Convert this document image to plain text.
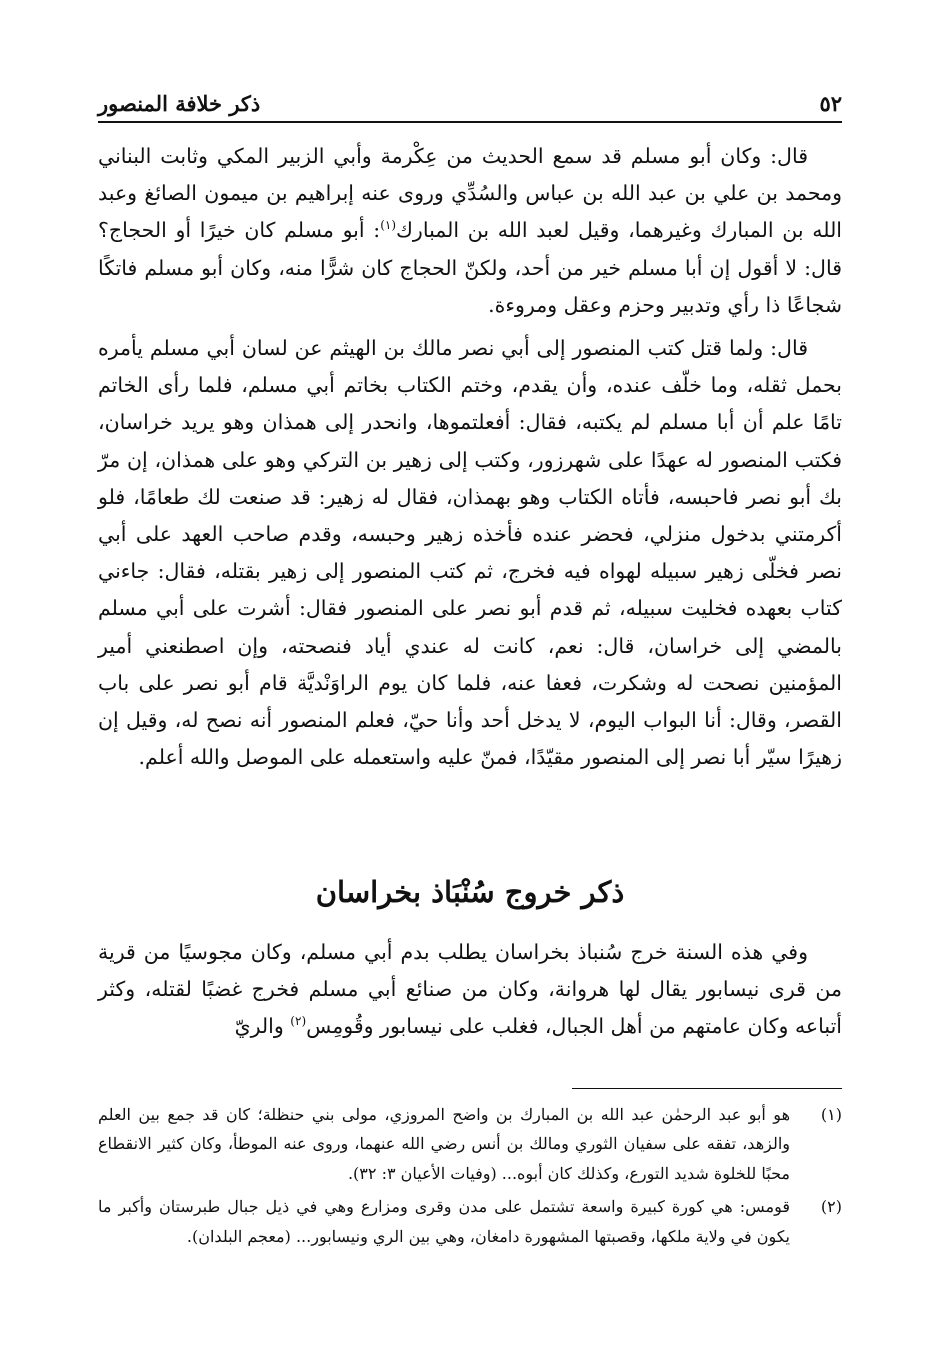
٥٢
ذكر خلافة المنصور

قال: وكان أبو مسلم قد سمع الحديث من عِكْرمة وأبي الزبير المكي وثابت البناني ومحمد بن علي بن عبد الله بن عباس والسُدِّي وروى عنه إبراهيم بن ميمون الصائغ وعبد الله بن المبارك وغيرهما، وقيل لعبد الله بن المبارك$^{(١)}$: أبو مسلم كان خيرًا أو الحجاج؟ قال: لا أقول إن أبا مسلم خير من أحد، ولكنّ الحجاج كان شرًّا منه، وكان أبو مسلم فاتكًا شجاعًا ذا رأي وتدبير وحزم وعقل ومروءة.

قال: ولما قتل كتب المنصور إلى أبي نصر مالك بن الهيثم عن لسان أبي مسلم يأمره بحمل ثقله، وما خلّف عنده، وأن يقدم، وختم الكتاب بخاتم أبي مسلم، فلما رأى الخاتم تامًا علم أن أبا مسلم لم يكتبه، فقال: أفعلتموها، وانحدر إلى همذان وهو يريد خراسان، فكتب المنصور له عهدًا على شهرزور، وكتب إلى زهير بن التركي وهو على همذان، إن مرّ بك أبو نصر فاحبسه، فأتاه الكتاب وهو بهمذان، فقال له زهير: قد صنعت لك طعامًا، فلو أكرمتني بدخول منزلي، فحضر عنده فأخذه زهير وحبسه، وقدم صاحب العهد على أبي نصر فخلّى زهير سبيله لهواه فيه فخرج، ثم كتب المنصور إلى زهير بقتله، فقال: جاءني كتاب بعهده فخليت سبيله، ثم قدم أبو نصر على المنصور فقال: أشرت على أبي مسلم بالمضي إلى خراسان، قال: نعم، كانت له عندي أياد فنصحته، وإن اصطنعني أمير المؤمنين نصحت له وشكرت، فعفا عنه، فلما كان يوم الراوَنْديَّة قام أبو نصر على باب القصر، وقال: أنا البواب اليوم، لا يدخل أحد وأنا حيّ، فعلم المنصور أنه نصح له، وقيل إن زهيرًا سيّر أبا نصر إلى المنصور مقيّدًا، فمنّ عليه واستعمله على الموصل والله أعلم.

ذكر خروج سُنْبَاذ بخراسان

وفي هذه السنة خرج سُنباذ بخراسان يطلب بدم أبي مسلم، وكان مجوسيًا من قرية من قرى نيسابور يقال لها هروانة، وكان من صنائع أبي مسلم فخرج غضبًا لقتله، وكثر أتباعه وكان عامتهم من أهل الجبال، فغلب على نيسابور وقُومِس$^{(٢)}$ والريّ

(١)
هو أبو عبد الرحمٰن عبد الله بن المبارك بن واضح المروزي، مولى بني حنظلة؛ كان قد جمع بين العلم والزهد، تفقه على سفيان الثوري ومالك بن أنس رضي الله عنهما، وروى عنه الموطأ، وكان كثير الانقطاع محبًا للخلوة شديد التورع، وكذلك كان أبوه... (وفيات الأعيان ٣: ٣٢).
(٢)
قومس: هي كورة كبيرة واسعة تشتمل على مدن وقرى ومزارع وهي في ذيل جبال طبرستان وأكبر ما يكون في ولاية ملكها، وقصبتها المشهورة دامغان، وهي بين الري ونيسابور... (معجم البلدان).
